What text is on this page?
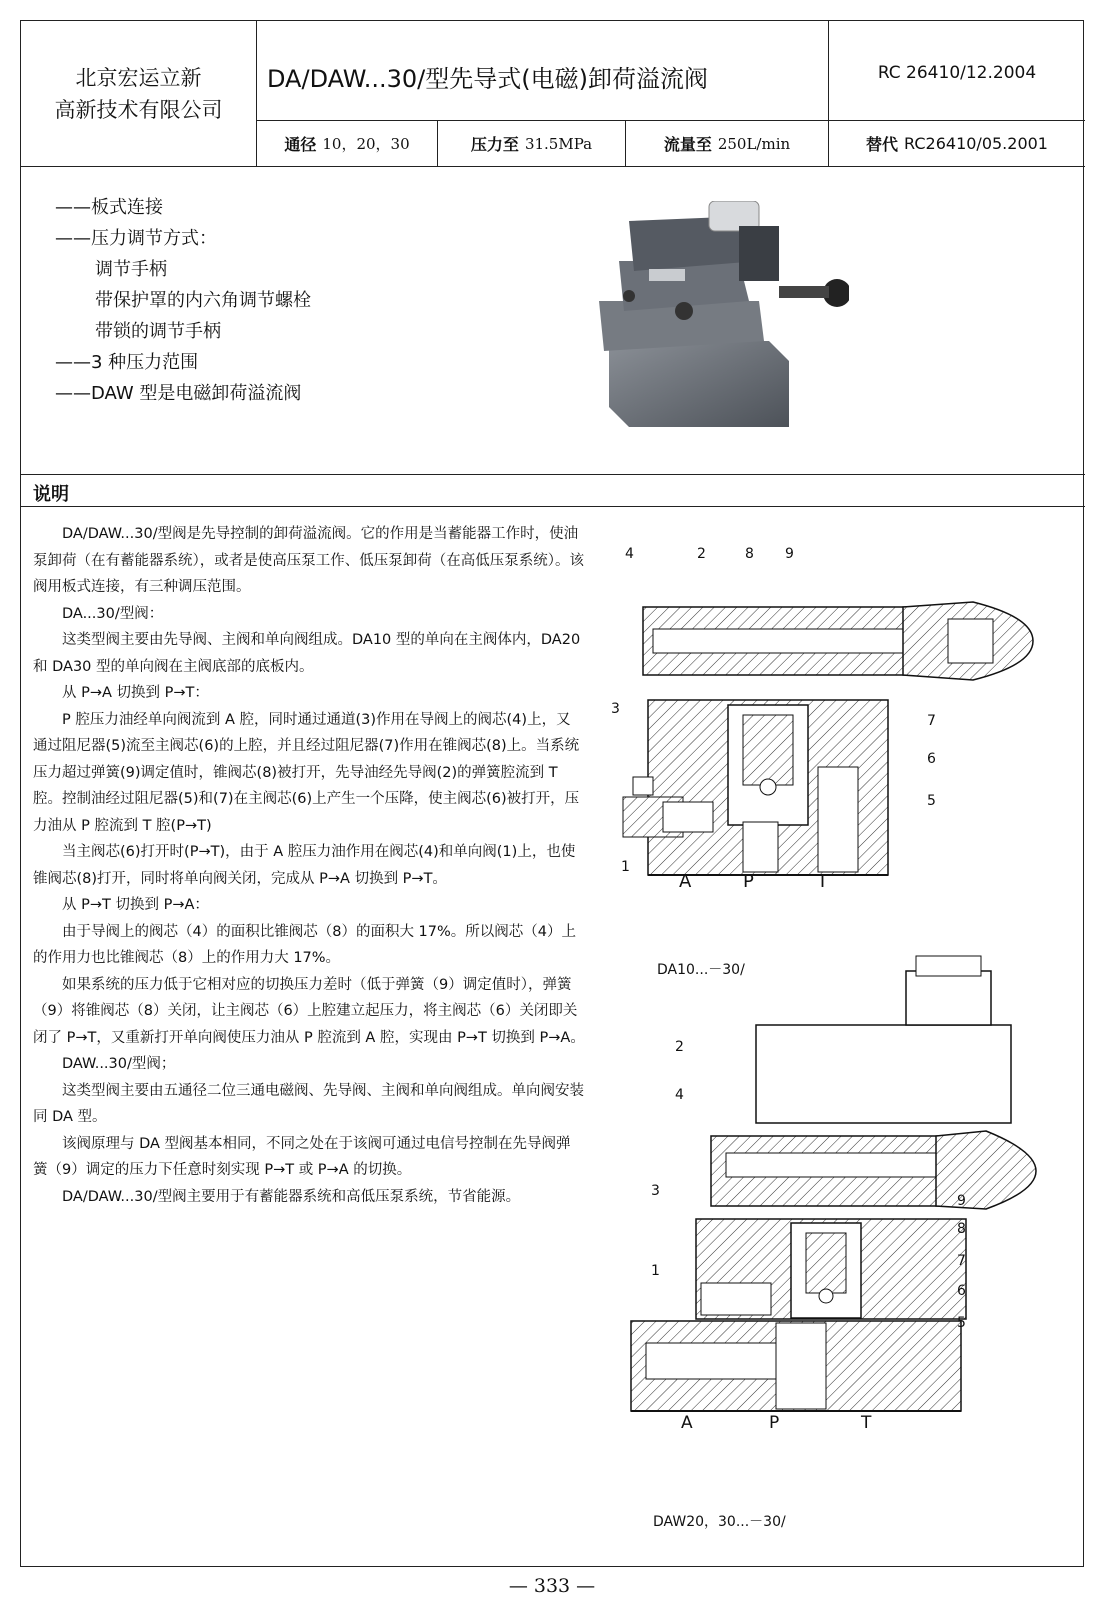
北京宏运立新
高新技术有限公司
DA/DAW...30/型先导式(电磁)卸荷溢流阀	RC 26410/12.2004
通径 10，20，30	压力至 31.5MPa	流量至 250L/min	替代 RC26410/05.2001
——板式连接
——压力调节方式：
调节手柄
带保护罩的内六角调节螺栓
带锁的调节手柄
——3 种压力范围
——DAW 型是电磁卸荷溢流阀
说明

DA/DAW...30/型阀是先导控制的卸荷溢流阀。它的作用是当蓄能器工作时，使油泵卸荷（在有蓄能器系统），或者是使高压泵工作、低压泵卸荷（在高低压泵系统）。该阀用板式连接，有三种调压范围。

DA...30/型阀：

这类型阀主要由先导阀、主阀和单向阀组成。DA10 型的单向在主阀体内，DA20 和 DA30 型的单向阀在主阀底部的底板内。

从 P→A 切换到 P→T：

P 腔压力油经单向阀流到 A 腔，同时通过通道(3)作用在导阀上的阀芯(4)上，又通过阻尼器(5)流至主阀芯(6)的上腔，并且经过阻尼器(7)作用在锥阀芯(8)上。当系统压力超过弹簧(9)调定值时，锥阀芯(8)被打开，先导油经先导阀(2)的弹簧腔流到 T 腔。控制油经过阻尼器(5)和(7)在主阀芯(6)上产生一个压降，使主阀芯(6)被打开，压力油从 P 腔流到 T 腔(P→T)

当主阀芯(6)打开时(P→T)，由于 A 腔压力油作用在阀芯(4)和单向阀(1)上，也使锥阀芯(8)打开，同时将单向阀关闭，完成从 P→A 切换到 P→T。

从 P→T 切换到 P→A：

由于导阀上的阀芯（4）的面积比锥阀芯（8）的面积大 17%。所以阀芯（4）上的作用力也比锥阀芯（8）上的作用力大 17%。

如果系统的压力低于它相对应的切换压力差时（低于弹簧（9）调定值时），弹簧（9）将锥阀芯（8）关闭，让主阀芯（6）上腔建立起压力，将主阀芯（6）关闭即关闭了 P→T，又重新打开单向阀使压力油从 P 腔流到 A 腔，实现由 P→T 切换到 P→A。

DAW...30/型阀；

这类型阀主要由五通径二位三通电磁阀、先导阀、主阀和单向阀组成。单向阀安装同 DA 型。

该阀原理与 DA 型阀基本相同，不同之处在于该阀可通过电信号控制在先导阀弹簧（9）调定的压力下任意时刻实现 P→T 或 P→A 的切换。

DA/DAW...30/型阀主要用于有蓄能器系统和高低压泵系统，节省能源。

4	2	8 9
3
7
6
5
1
A	P	T
DA10...－30/
2
4
9
8
3
7
6
1
5
A	P	T
DAW20，30...－30/
— 333 —
